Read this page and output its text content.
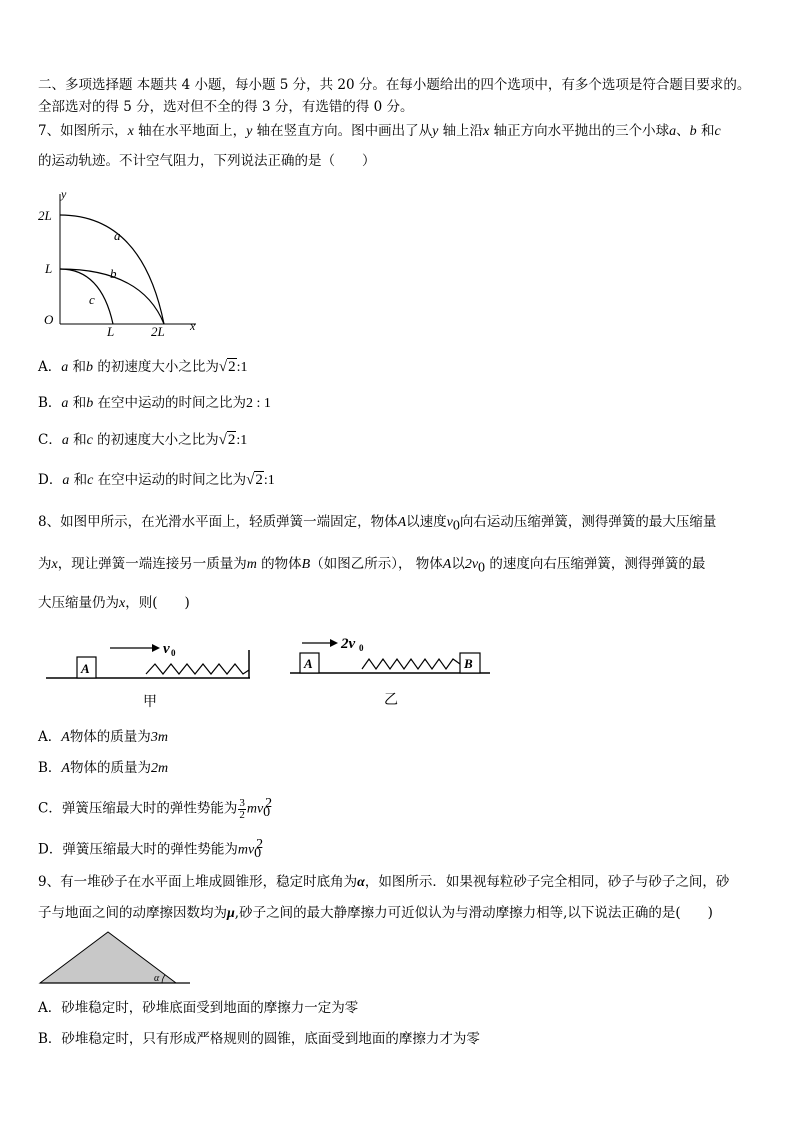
二、多项选择题 本题共 4 小题，每小题 5 分，共 20 分。在每小题给出的四个选项中，有多个选项是符合题目要求的。
全部选对的得 5 分，选对但不全的得 3 分，有选错的得 0 分。
7、如图所示，x 轴在水平地面上，y 轴在竖直方向。图中画出了从y 轴上沿x 轴正方向水平抛出的三个小球a、b 和c
的运动轨迹。不计空气阻力，下列说法正确的是（　　）
y
x
O
2L
L
L	2L
a
b
c
A．a 和b 的初速度大小之比为√2:1
B．a 和b 在空中运动的时间之比为2 : 1
C．a 和c 的初速度大小之比为√2:1
D．a 和c 在空中运动的时间之比为√2:1
8、如图甲所示，在光滑水平面上，轻质弹簧一端固定，物体A以速度$v_0$向右运动压缩弹簧，测得弹簧的最大压缩量
为x，现让弹簧一端连接另一质量为m 的物体B（如图乙所示）， 物体A以$2v_0$ 的速度向右压缩弹簧，测得弹簧的最
大压缩量仍为x，则(　　)
A
v 0
甲
A	B
2v 0
乙
A．A物体的质量为3m
B．A物体的质量为2m
C．弹簧压缩最大时的弹性势能为 $\frac{3}{2} mv_0^2$
D．弹簧压缩最大时的弹性势能为$mv_0^2$
9、有一堆砂子在水平面上堆成圆锥形，稳定时底角为α，如图所示．如果视每粒砂子完全相同，砂子与砂子之间，砂
子与地面之间的动摩擦因数均为μ,砂子之间的最大静摩擦力可近似认为与滑动摩擦力相等,以下说法正确的是(　　)
α
A．砂堆稳定时，砂堆底面受到地面的摩擦力一定为零
B．砂堆稳定时，只有形成严格规则的圆锥，底面受到地面的摩擦力才为零
